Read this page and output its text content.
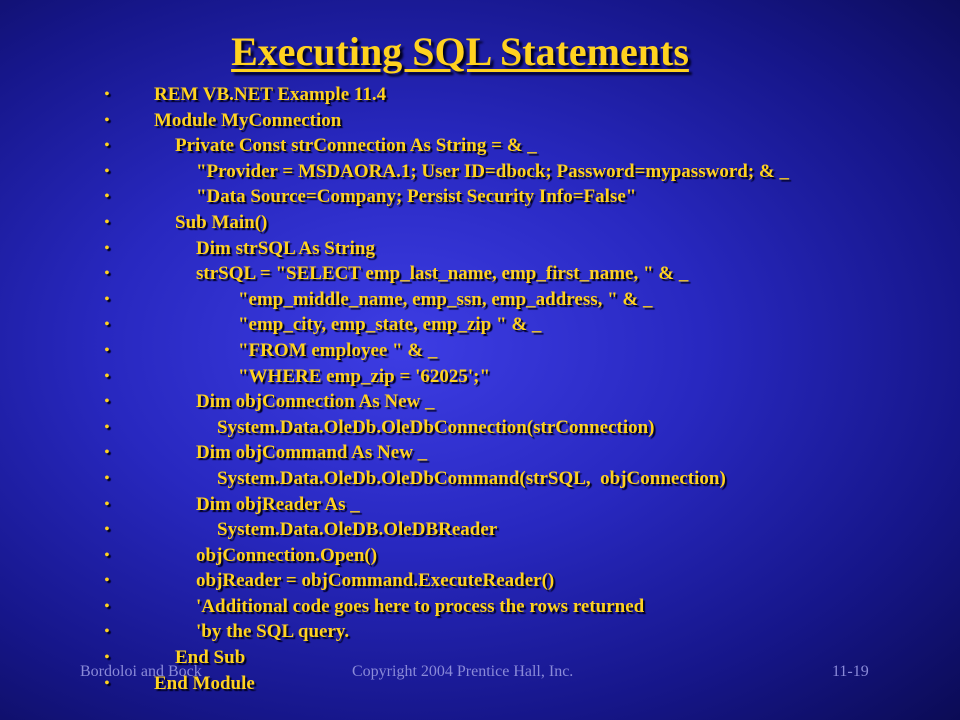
Executing SQL Statements
• REM VB.NET Example 11.4
• Module MyConnection
•	Private Const strConnection As String = & _
•	"Provider = MSDAORA.1; User ID=dbock; Password=mypassword; & _
•	"Data Source=Company; Persist Security Info=False"
•	Sub Main()
•	Dim strSQL As String
•	strSQL = "SELECT emp_last_name, emp_first_name, " & _
•	"emp_middle_name, emp_ssn, emp_address, " & _
•	"emp_city, emp_state, emp_zip " & _
•	"FROM employee " & _
•	"WHERE emp_zip = '62025';"
•	Dim objConnection As New _
•	System.Data.OleDb.OleDbConnection(strConnection)
•	Dim objCommand As New _
•	System.Data.OleDb.OleDbCommand(strSQL,  objConnection)
•	Dim objReader As _
•	System.Data.OleDB.OleDBReader
•	objConnection.Open()
•	objReader = objCommand.ExecuteReader()
•	'Additional code goes here to process the rows returned
•	'by the SQL query.
•	End Sub
• End Module
Bordoloi and Bock	Copyright 2004 Prentice Hall, Inc.	11-19
